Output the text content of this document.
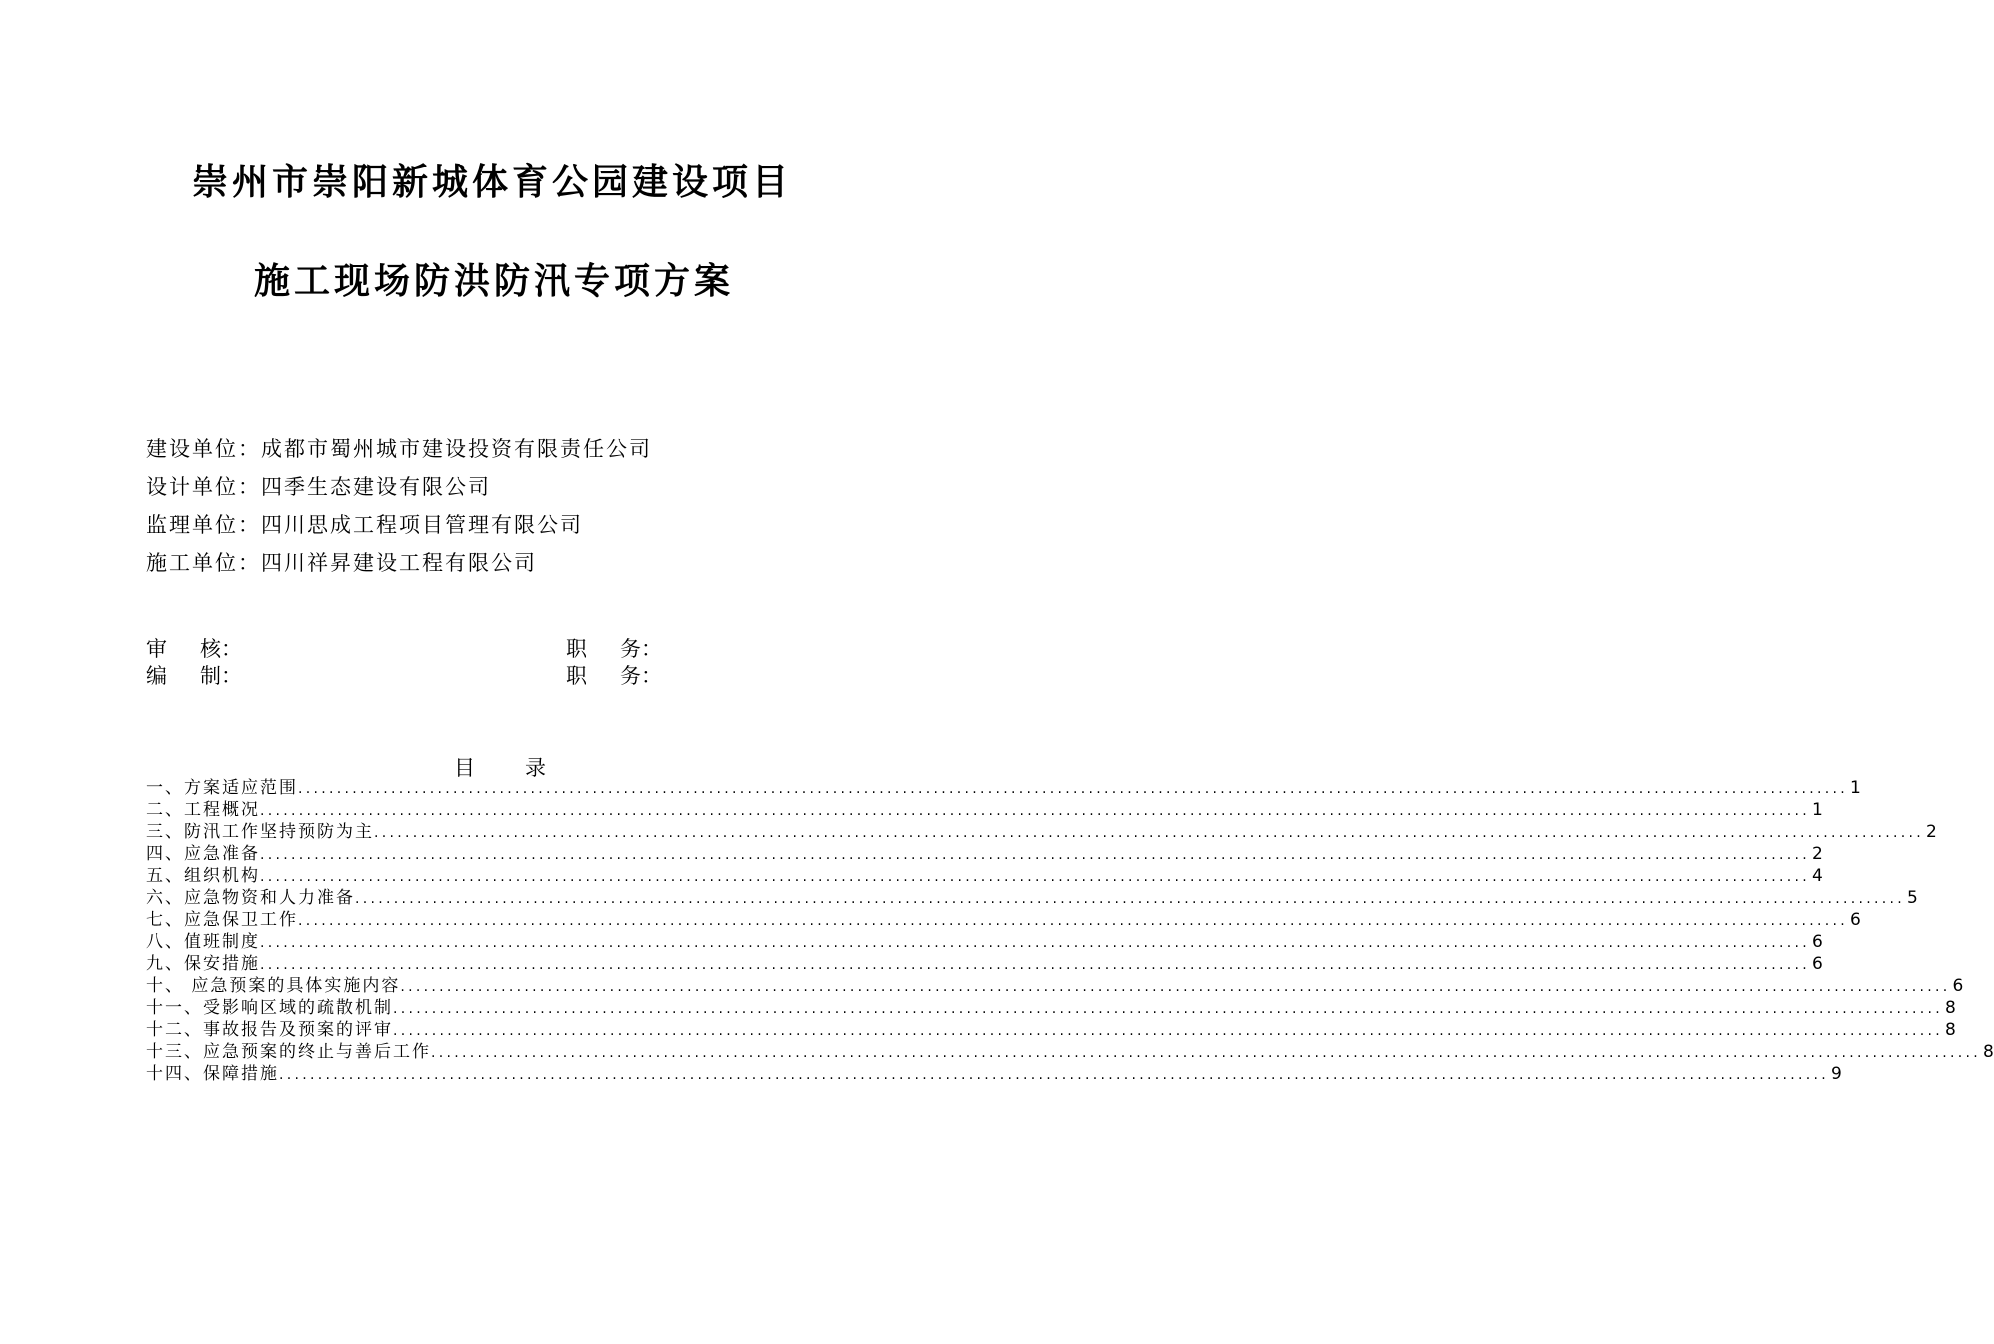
崇州市崇阳新城体育公园建设项目
施工现场防洪防汛专项方案
建设单位：成都市蜀州城市建设投资有限责任公司
设计单位：四季生态建设有限公司
监理单位：四川思成工程项目管理有限公司
施工单位：四川祥昇建设工程有限公司
审 核：
编 制：
职 务：
职 务：
目 录
一、方案适应范围 ........................................................................................................................................................................................................ 1
二、工程概况 ........................................................................................................................................................................................................ 1
三、防汛工作坚持预防为主 ........................................................................................................................................................................................................ 2
四、应急准备 ........................................................................................................................................................................................................ 2
五、组织机构 ........................................................................................................................................................................................................ 4
六、应急物资和人力准备 ........................................................................................................................................................................................................ 5
七、应急保卫工作 ........................................................................................................................................................................................................ 6
八、值班制度 ........................................................................................................................................................................................................ 6
九、保安措施 ........................................................................................................................................................................................................ 6
十、 应急预案的具体实施内容 ........................................................................................................................................................................................................ 6
十一、受影响区域的疏散机制 ........................................................................................................................................................................................................ 8
十二、事故报告及预案的评审 ........................................................................................................................................................................................................ 8
十三、应急预案的终止与善后工作 ........................................................................................................................................................................................................ 8
十四、保障措施 ........................................................................................................................................................................................................ 9
